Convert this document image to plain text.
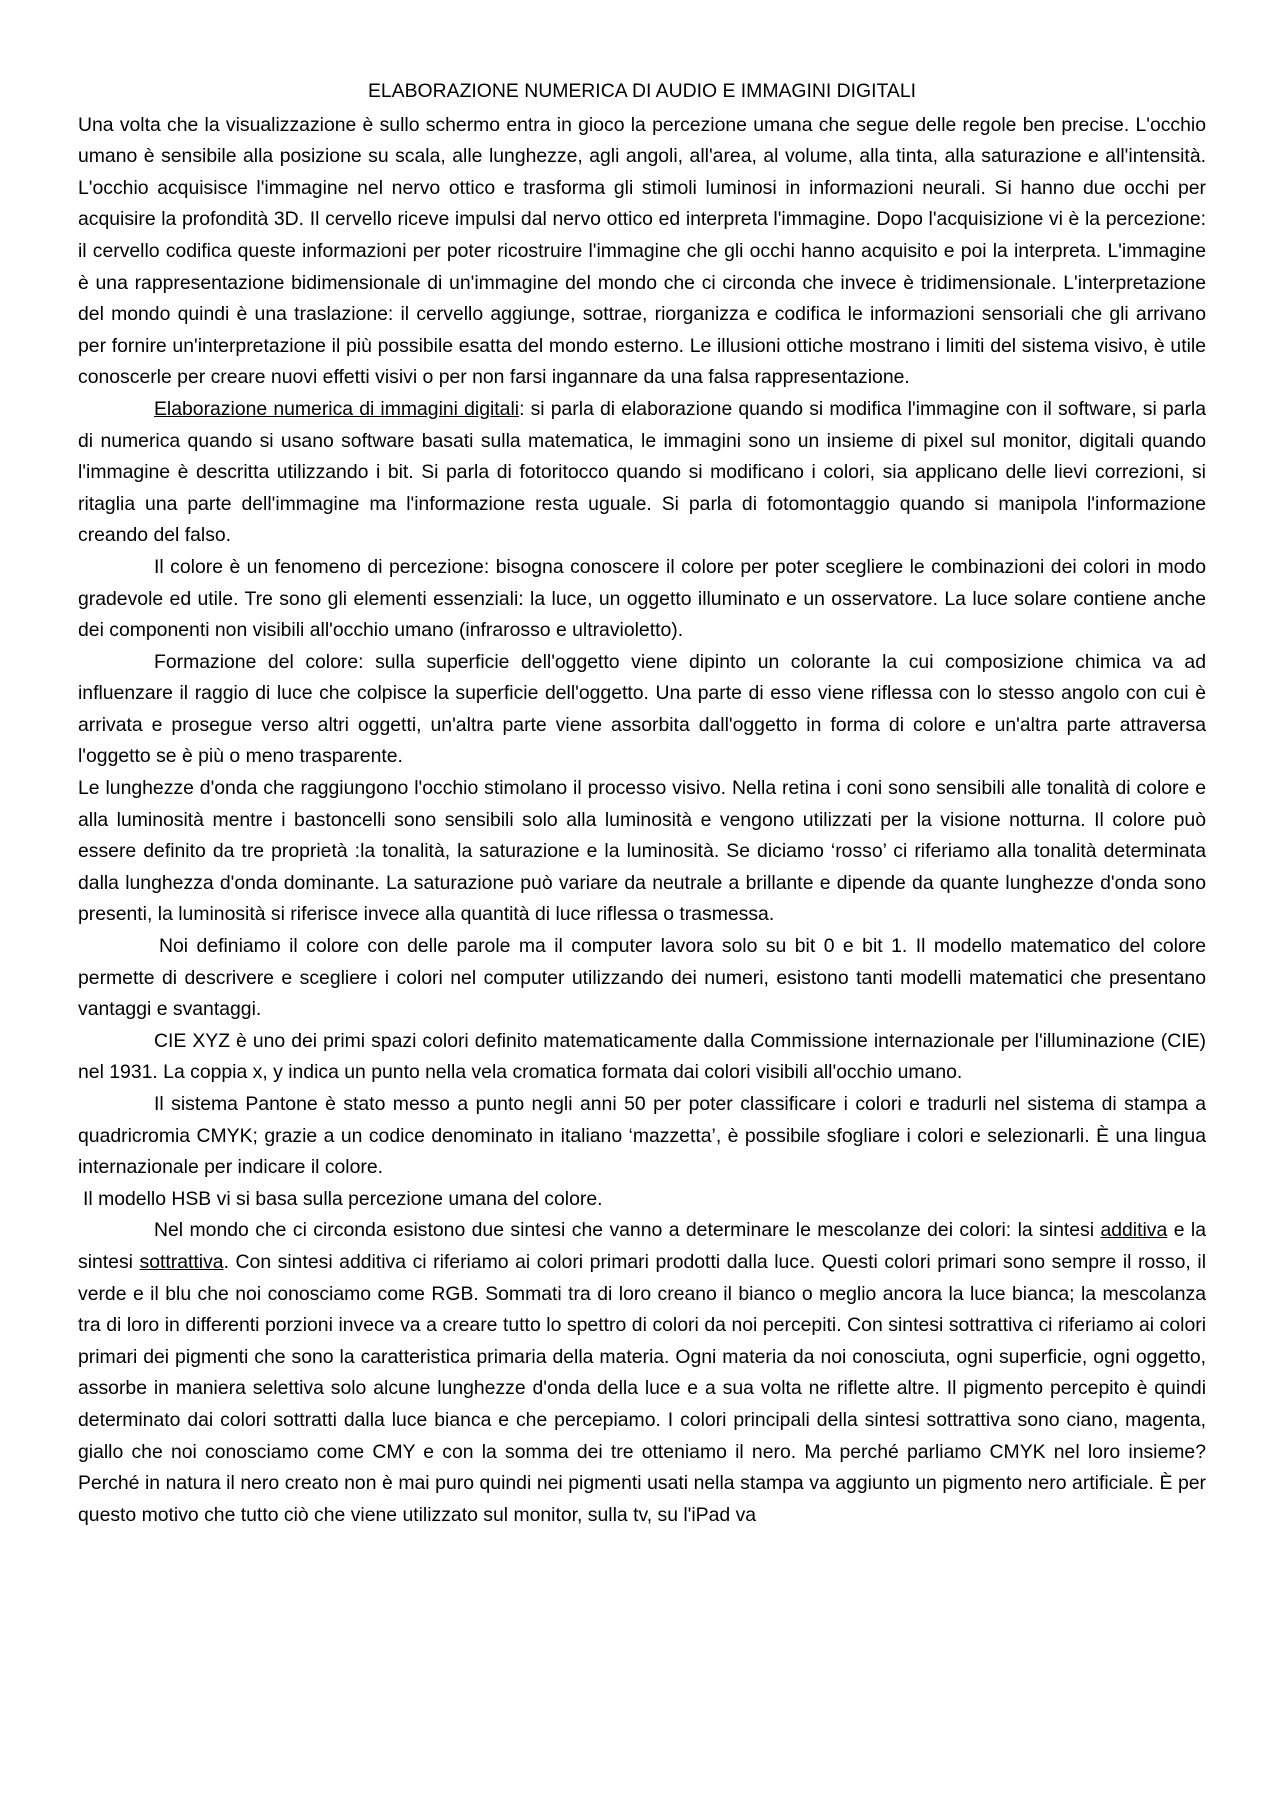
ELABORAZIONE NUMERICA DI AUDIO E IMMAGINI DIGITALI

Una volta che la visualizzazione è sullo schermo entra in gioco la percezione umana che segue delle regole ben precise. L'occhio umano è sensibile alla posizione su scala, alle lunghezze, agli angoli, all'area, al volume, alla tinta, alla saturazione e all'intensità. L'occhio acquisisce l'immagine nel nervo ottico e trasforma gli stimoli luminosi in informazioni neurali. Si hanno due occhi per acquisire la profondità 3D. Il cervello riceve impulsi dal nervo ottico ed interpreta l'immagine. Dopo l'acquisizione vi è la percezione: il cervello codifica queste informazioni per poter ricostruire l'immagine che gli occhi hanno acquisito e poi la interpreta. L'immagine è una rappresentazione bidimensionale di un'immagine del mondo che ci circonda che invece è tridimensionale. L'interpretazione del mondo quindi è una traslazione: il cervello aggiunge, sottrae, riorganizza e codifica le informazioni sensoriali che gli arrivano per fornire un'interpretazione il più possibile esatta del mondo esterno. Le illusioni ottiche mostrano i limiti del sistema visivo, è utile conoscerle per creare nuovi effetti visivi o per non farsi ingannare da una falsa rappresentazione.

Elaborazione numerica di immagini digitali: si parla di elaborazione quando si modifica l'immagine con il software, si parla di numerica quando si usano software basati sulla matematica, le immagini sono un insieme di pixel sul monitor, digitali quando l'immagine è descritta utilizzando i bit. Si parla di fotoritocco quando si modificano i colori, sia applicano delle lievi correzioni, si ritaglia una parte dell'immagine ma l'informazione resta uguale. Si parla di fotomontaggio quando si manipola l'informazione creando del falso.

Il colore è un fenomeno di percezione: bisogna conoscere il colore per poter scegliere le combinazioni dei colori in modo gradevole ed utile. Tre sono gli elementi essenziali: la luce, un oggetto illuminato e un osservatore. La luce solare contiene anche dei componenti non visibili all'occhio umano (infrarosso e ultravioletto).

Formazione del colore: sulla superficie dell'oggetto viene dipinto un colorante la cui composizione chimica va ad influenzare il raggio di luce che colpisce la superficie dell'oggetto. Una parte di esso viene riflessa con lo stesso angolo con cui è arrivata e prosegue verso altri oggetti, un'altra parte viene assorbita dall'oggetto in forma di colore e un'altra parte attraversa l'oggetto se è più o meno trasparente.

Le lunghezze d'onda che raggiungono l'occhio stimolano il processo visivo. Nella retina i coni sono sensibili alle tonalità di colore e alla luminosità mentre i bastoncelli sono sensibili solo alla luminosità e vengono utilizzati per la visione notturna. Il colore può essere definito da tre proprietà :la tonalità, la saturazione e la luminosità. Se diciamo ‘rosso’ ci riferiamo alla tonalità determinata dalla lunghezza d'onda dominante. La saturazione può variare da neutrale a brillante e dipende da quante lunghezze d'onda sono presenti, la luminosità si riferisce invece alla quantità di luce riflessa o trasmessa.

Noi definiamo il colore con delle parole ma il computer lavora solo su bit 0 e bit 1. Il modello matematico del colore permette di descrivere e scegliere i colori nel computer utilizzando dei numeri, esistono tanti modelli matematici che presentano vantaggi e svantaggi.

CIE XYZ è uno dei primi spazi colori definito matematicamente dalla Commissione internazionale per l'illuminazione (CIE) nel 1931. La coppia x, y indica un punto nella vela cromatica formata dai colori visibili all'occhio umano.

Il sistema Pantone è stato messo a punto negli anni 50 per poter classificare i colori e tradurli nel sistema di stampa a quadricromia CMYK; grazie a un codice denominato in italiano ‘mazzetta’, è possibile sfogliare i colori e selezionarli. È una lingua internazionale per indicare il colore.

Il modello HSB vi si basa sulla percezione umana del colore.

Nel mondo che ci circonda esistono due sintesi che vanno a determinare le mescolanze dei colori: la sintesi additiva e la sintesi sottrattiva. Con sintesi additiva ci riferiamo ai colori primari prodotti dalla luce. Questi colori primari sono sempre il rosso, il verde e il blu che noi conosciamo come RGB. Sommati tra di loro creano il bianco o meglio ancora la luce bianca; la mescolanza tra di loro in differenti porzioni invece va a creare tutto lo spettro di colori da noi percepiti. Con sintesi sottrattiva ci riferiamo ai colori primari dei pigmenti che sono la caratteristica primaria della materia. Ogni materia da noi conosciuta, ogni superficie, ogni oggetto, assorbe in maniera selettiva solo alcune lunghezze d'onda della luce e a sua volta ne riflette altre. Il pigmento percepito è quindi determinato dai colori sottratti dalla luce bianca e che percepiamo. I colori principali della sintesi sottrattiva sono ciano, magenta, giallo che noi conosciamo come CMY e con la somma dei tre otteniamo il nero. Ma perché parliamo CMYK nel loro insieme? Perché in natura il nero creato non è mai puro quindi nei pigmenti usati nella stampa va aggiunto un pigmento nero artificiale. È per questo motivo che tutto ciò che viene utilizzato sul monitor, sulla tv, su l'iPad va
